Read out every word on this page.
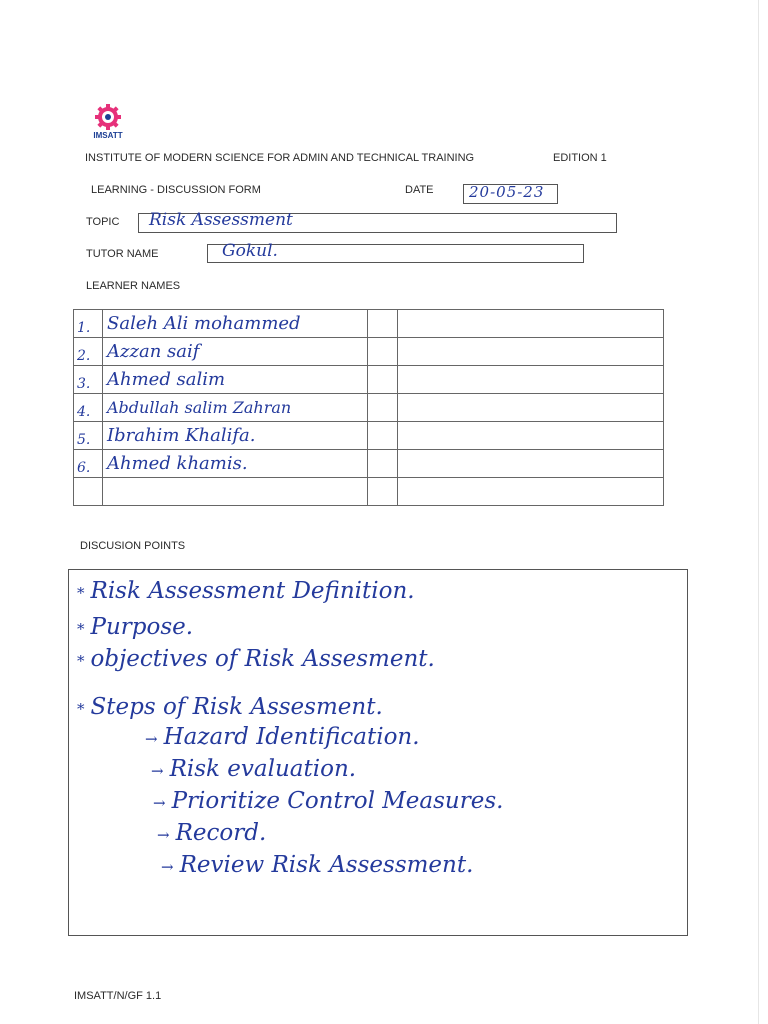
IMSATT
INSTITUTE OF MODERN SCIENCE FOR ADMIN AND TECHNICAL TRAINING	EDITION 1
LEARNING - DISCUSSION FORM	DATE 20-05-23
TOPIC Risk Assessment
TUTOR NAME	Gokul.
LEARNER NAMES
1.	Saleh Ali mohammed		
2.	Azzan saif		
3.	Ahmed salim		
4.	Abdullah salim Zahran		
5.	Ibrahim Khalifa.		
6.	Ahmed khamis.		

DISCUSION POINTS
* Risk Assessment Definition.
* Purpose.
* objectives of Risk Assesment.
* Steps of Risk Assesment.
→ Hazard Identification.
→ Risk evaluation.
→ Prioritize Control Measures.
→ Record.
→ Review Risk Assessment.
IMSATT/N/GF 1.1
